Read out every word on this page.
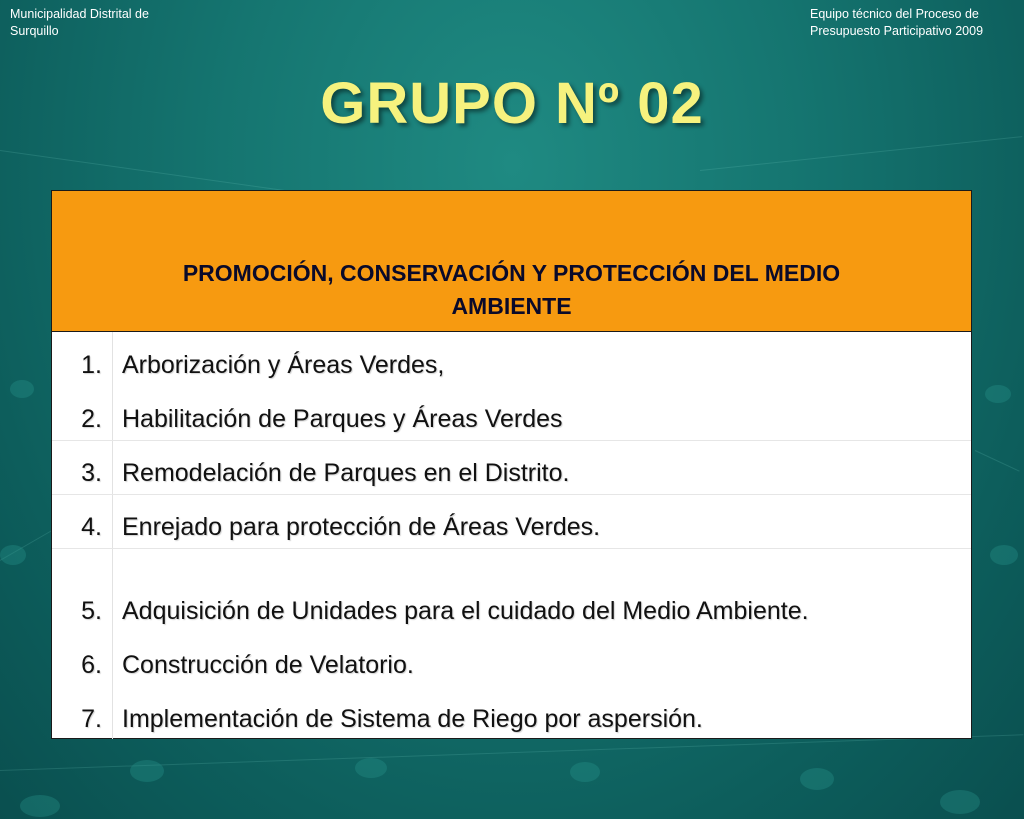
Municipalidad Distrital de
Surquillo
Equipo técnico del Proceso de
Presupuesto Participativo 2009
GRUPO Nº 02
PROMOCIÓN, CONSERVACIÓN Y PROTECCIÓN DEL MEDIO
AMBIENTE
1. Arborización y Áreas Verdes,
2. Habilitación de Parques y Áreas Verdes
3. Remodelación de Parques en el Distrito.
4. Enrejado para protección de Áreas Verdes.
5. Adquisición de Unidades para el cuidado del Medio Ambiente.
6. Construcción de Velatorio.
7. Implementación de Sistema de Riego por aspersión.
